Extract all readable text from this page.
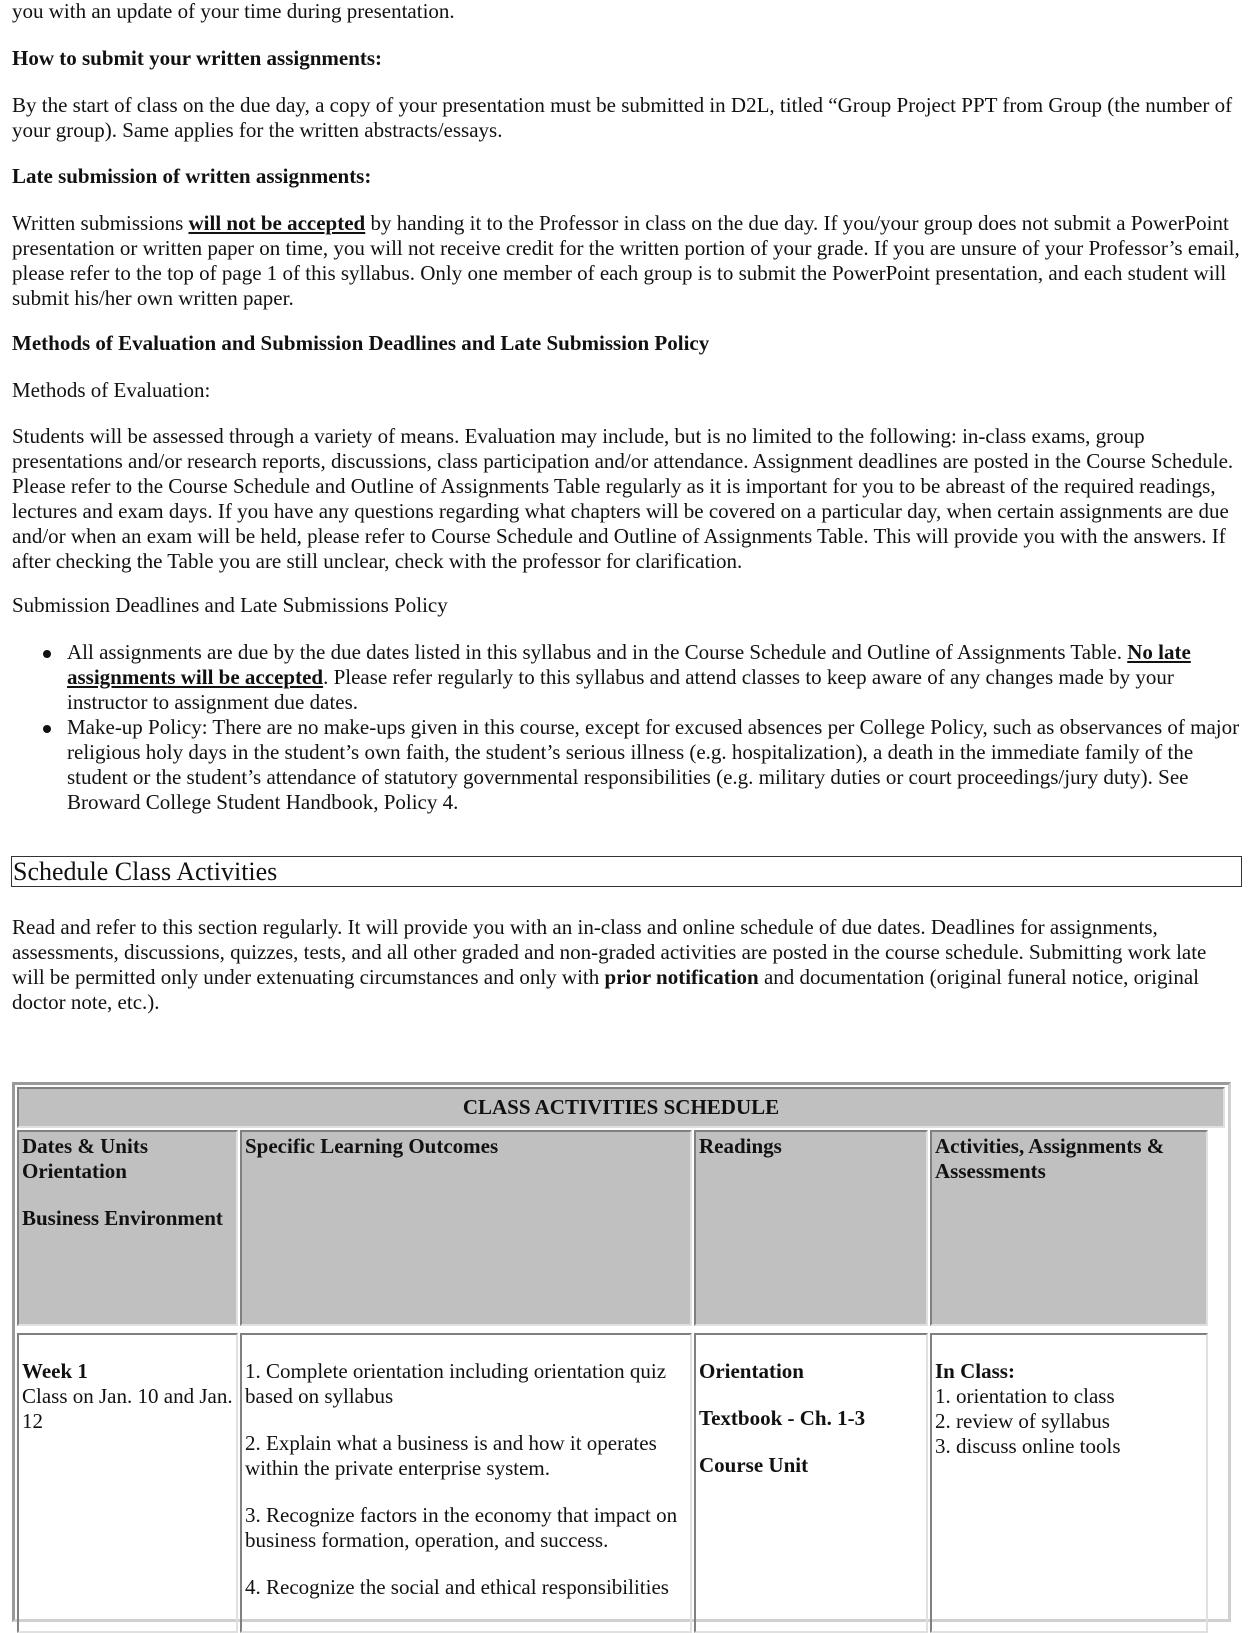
you with an update of your time during presentation.

How to submit your written assignments:

By the start of class on the due day, a copy of your presentation must be submitted in D2L, titled “Group Project PPT from Group (the number of your group). Same applies for the written abstracts/essays.

Late submission of written assignments:

Written submissions will not be accepted by handing it to the Professor in class on the due day. If you/your group does not submit a PowerPoint presentation or written paper on time, you will not receive credit for the written portion of your grade. If you are unsure of your Professor’s email, please refer to the top of page 1 of this syllabus. Only one member of each group is to submit the PowerPoint presentation, and each student will submit his/her own written paper.

Methods of Evaluation and Submission Deadlines and Late Submission Policy

Methods of Evaluation:

Students will be assessed through a variety of means. Evaluation may include, but is no limited to the following: in-class exams, group presentations and/or research reports, discussions, class participation and/or attendance. Assignment deadlines are posted in the Course Schedule. Please refer to the Course Schedule and Outline of Assignments Table regularly as it is important for you to be abreast of the required readings, lectures and exam days. If you have any questions regarding what chapters will be covered on a particular day, when certain assignments are due and/or when an exam will be held, please refer to Course Schedule and Outline of Assignments Table. This will provide you with the answers. If after checking the Table you are still unclear, check with the professor for clarification.

Submission Deadlines and Late Submissions Policy

All assignments are due by the due dates listed in this syllabus and in the Course Schedule and Outline of Assignments Table. No late assignments will be accepted. Please refer regularly to this syllabus and attend classes to keep aware of any changes made by your instructor to assignment due dates.
Make-up Policy: There are no make-ups given in this course, except for excused absences per College Policy, such as observances of major religious holy days in the student’s own faith, the student’s serious illness (e.g. hospitalization), a death in the immediate family of the student or the student’s attendance of statutory governmental responsibilities (e.g. military duties or court proceedings/jury duty). See Broward College Student Handbook, Policy 4.
Schedule Class Activities

Read and refer to this section regularly. It will provide you with an in-class and online schedule of due dates. Deadlines for assignments, assessments, discussions, quizzes, tests, and all other graded and non-graded activities are posted in the course schedule. Submitting work late will be permitted only under extenuating circumstances and only with prior notification and documentation (original funeral notice, original doctor note, etc.).

CLASS ACTIVITIES SCHEDULE
Dates & Units
Orientation
Business Environment
Specific Learning Outcomes	Readings	Activities, Assignments & Assessments
Week 1
Class on Jan. 10 and Jan. 12
1. Complete orientation including orientation quiz based on syllabus
2. Explain what a business is and how it operates within the private enterprise system.
3. Recognize factors in the economy that impact on business formation, operation, and success.
4. Recognize the social and ethical responsibilities
Orientation
Textbook - Ch. 1-3
Course Unit
In Class:
1. orientation to class
2. review of syllabus
3. discuss online tools
